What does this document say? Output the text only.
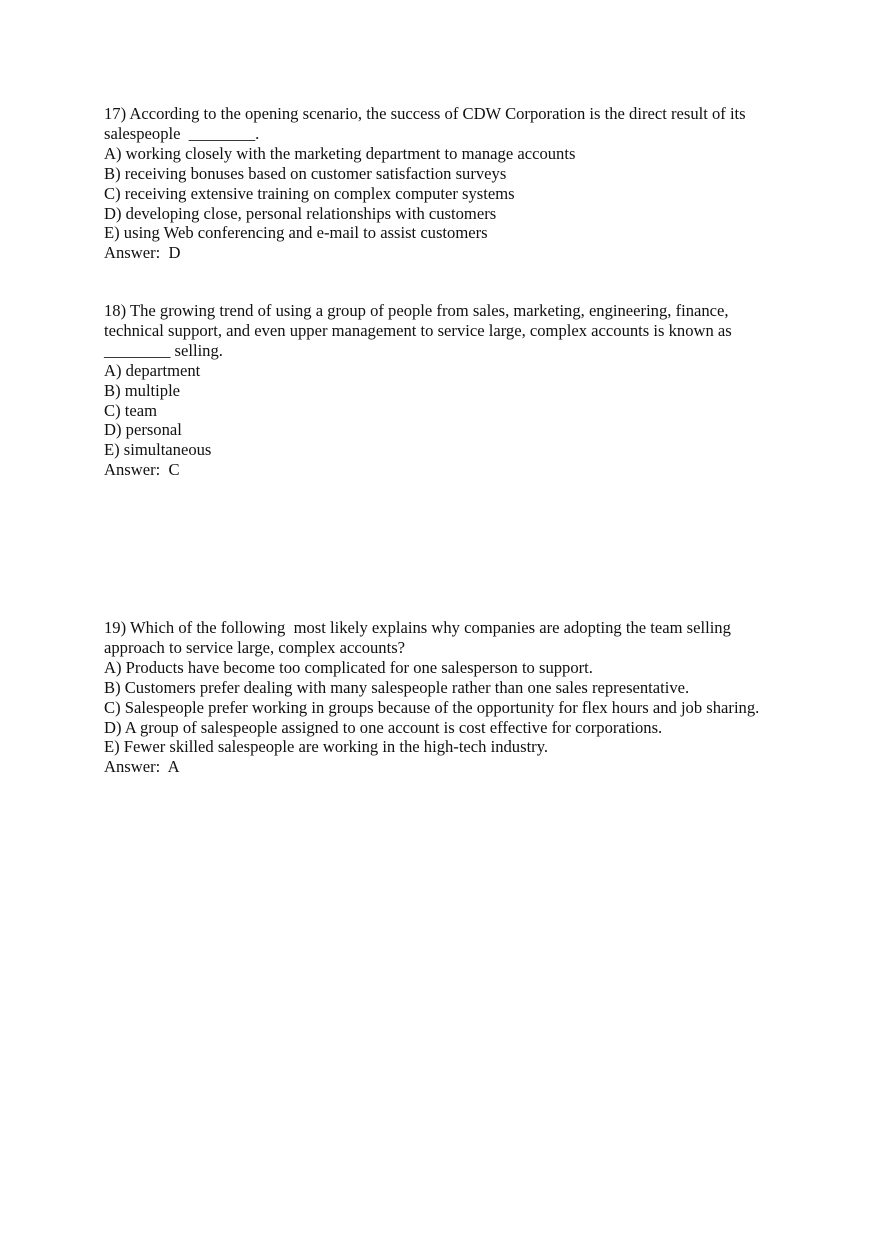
17) According to the opening scenario, the success of CDW Corporation is the direct result of its salespeople  ________.

A) working closely with the marketing department to manage accounts

B) receiving bonuses based on customer satisfaction surveys

C) receiving extensive training on complex computer systems

D) developing close, personal relationships with customers

E) using Web conferencing and e-mail to assist customers

Answer:  D

18) The growing trend of using a group of people from sales, marketing, engineering, finance, technical support, and even upper management to service large, complex accounts is known as ________ selling.

A) department

B) multiple

C) team

D) personal

E) simultaneous

Answer:  C

19) Which of the following  most likely explains why companies are adopting the team selling approach to service large, complex accounts?

A) Products have become too complicated for one salesperson to support.

B) Customers prefer dealing with many salespeople rather than one sales representative.

C) Salespeople prefer working in groups because of the opportunity for flex hours and job sharing.

D) A group of salespeople assigned to one account is cost effective for corporations.

E) Fewer skilled salespeople are working in the high-tech industry.

Answer:  A
